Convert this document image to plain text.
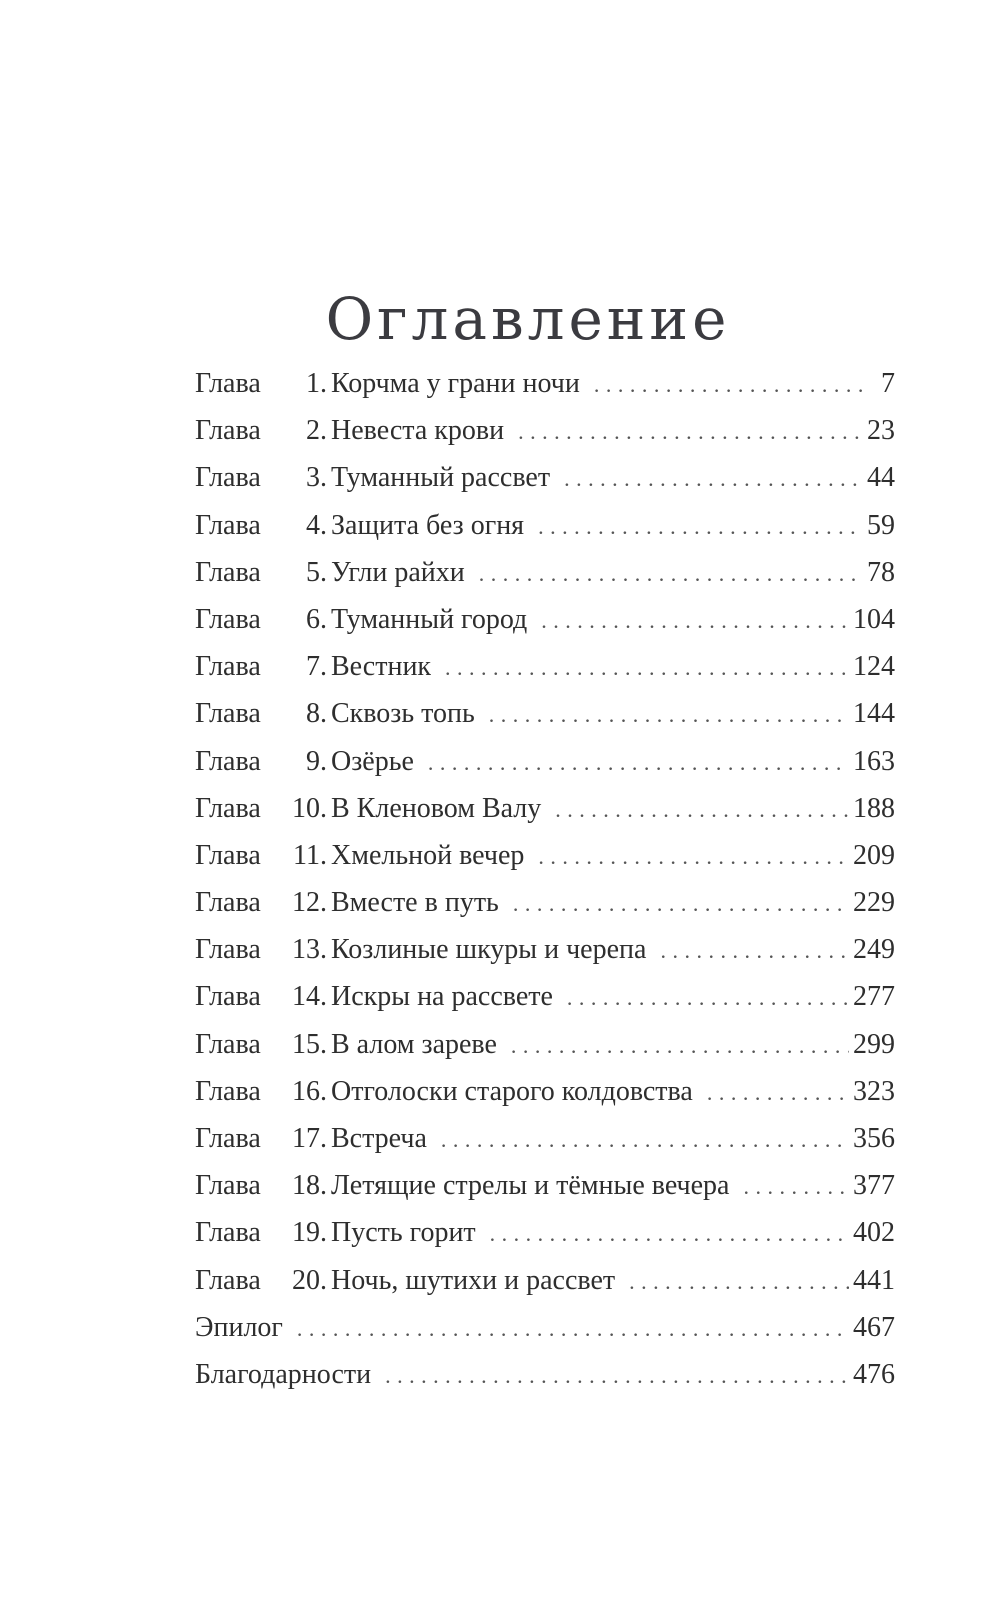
Оглавление
Глава	1. Корчма у грани ночи . . .	7
Глава	2. Невеста крови . . .	23
Глава	3. Туманный рассвет . . .	44
Глава	4. Защита без огня . . .	59
Глава	5. Угли райхи . . .	78
Глава	6. Туманный город . . .	104
Глава	7. Вестник . . .	124
Глава	8. Сквозь топь . . .	144
Глава	9. Озёрье . . .	163
Глава	10. В Кленовом Валу . . .	188
Глава	11. Хмельной вечер . . .	209
Глава	12. Вместе в путь . . .	229
Глава	13. Козлиные шкуры и черепа . . .	249
Глава	14. Искры на рассвете . . .	277
Глава	15. В алом зареве . . .	299
Глава	16. Отголоски старого колдовства . . .	323
Глава	17. Встреча . . .	356
Глава	18. Летящие стрелы и тёмные вечера . . .	377
Глава	19. Пусть горит . . .	402
Глава	20. Ночь, шутихи и рассвет . . .	441
Эпилог . . .	467
Благодарности . . .	476
